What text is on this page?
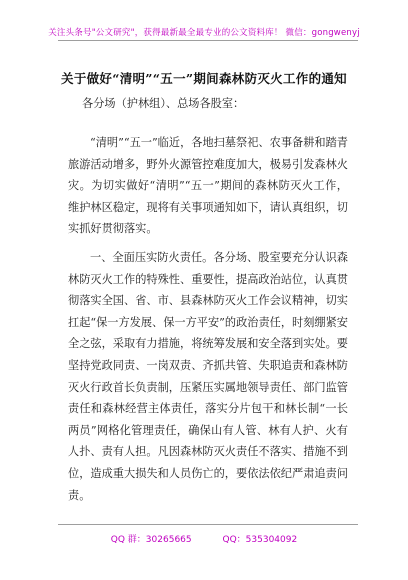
关注头条号"公文研究"，获得最新最全最专业的公文资料库！ 微信：gongwenyj
关于做好“清明”“五一”期间森林防灭火工作的通知

各分场（护林组）、总场各股室：

“清明”“五一”临近，各地扫墓祭祀、农事备耕和踏青旅游活动增多，野外火源管控难度加大，极易引发森林火灾。为切实做好“清明”“五一”期间的森林防灭火工作，维护林区稳定，现将有关事项通知如下，请认真组织，切实抓好贯彻落实。

一、全面压实防火责任。各分场、股室要充分认识森林防灭火工作的特殊性、重要性，提高政治站位，认真贯彻落实全国、省、市、县森林防灭火工作会议精神，切实扛起“保一方发展、保一方平安”的政治责任，时刻绷紧安全之弦，采取有力措施，将统筹发展和安全落到实处。要坚持党政同责、一岗双责、齐抓共管、失职追责和森林防灭火行政首长负责制，压紧压实属地领导责任、部门监管责任和森林经营主体责任，落实分片包干和林长制“一长两员”网格化管理责任，确保山有人管、林有人护、火有人扑、责有人担。凡因森林防灭火责任不落实、措施不到位，造成重大损失和人员伤亡的，要依法依纪严肃追责问责。

QQ 群：30265665	QQ：535304092
